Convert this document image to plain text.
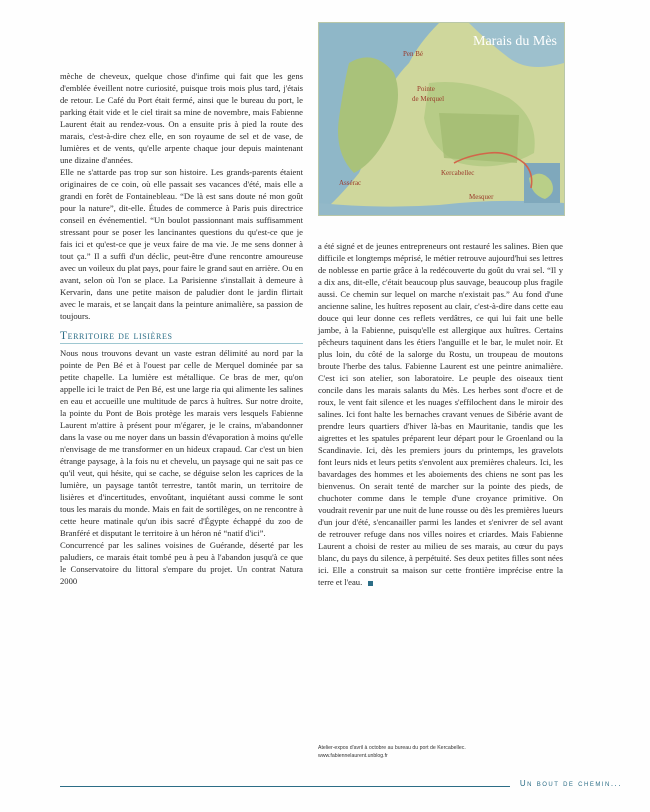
Marais du Mès
Pen Bé
Pointe
de Merquel
Kercabellec
Assérac
Mesquer

mèche de cheveux, quelque chose d'infime qui fait que les gens d'emblée éveillent notre curiosité, puisque trois mois plus tard, j'étais de retour. Le Café du Port était fermé, ainsi que le bureau du port, le parking était vide et le ciel tirait sa mine de novembre, mais Fabienne Laurent était au rendez-vous. On a ensuite pris à pied la route des marais, c'est-à-dire chez elle, en son royaume de sel et de vase, de lumières et de vents, qu'elle arpente chaque jour depuis maintenant une dizaine d'années.

Elle ne s'attarde pas trop sur son histoire. Les grands-parents étaient originaires de ce coin, où elle passait ses vacances d'été, mais elle a grandi en forêt de Fontainebleau. “De là est sans doute né mon goût pour la nature”, dit-elle. Études de commerce à Paris puis directrice conseil en événementiel. “Un boulot passionnant mais suffisamment stressant pour se poser les lancinantes questions du qu'est-ce que je fais ici et qu'est-ce que je veux faire de ma vie. Je me sens donner à tout ça.” Il a suffi d'un déclic, peut-être d'une rencontre amoureuse avec un voileux du plat pays, pour faire le grand saut en arrière. Ou en avant, selon où l'on se place. La Parisienne s'installait à demeure à Kervarin, dans une petite maison de paludier dont le jardin flirtait avec le marais, et se lançait dans la peinture animalière, sa passion de toujours.

Territoire de lisières

Nous nous trouvons devant un vaste estran délimité au nord par la pointe de Pen Bé et à l'ouest par celle de Merquel dominée par sa petite chapelle. La lumière est métallique. Ce bras de mer, qu'on appelle ici le traict de Pen Bé, est une large ria qui alimente les salines en eau et accueille une multitude de parcs à huîtres. Sur notre droite, la pointe du Pont de Bois protège les marais vers lesquels Fabienne Laurent m'attire à présent pour m'égarer, je le crains, m'abandonner dans la vase ou me noyer dans un bassin d'évaporation à moins qu'elle n'envisage de me transformer en un hideux crapaud. Car c'est un bien étrange paysage, à la fois nu et chevelu, un paysage qui ne sait pas ce qu'il veut, qui hésite, qui se cache, se déguise selon les caprices de la lumière, un paysage tantôt terrestre, tantôt marin, un territoire de lisières et d'incertitudes, envoûtant, inquiétant aussi comme le sont tous les marais du monde. Mais en fait de sortilèges, on ne rencontre à cette heure matinale qu'un ibis sacré d'Égypte échappé du zoo de Branféré et disputant le territoire à un héron né “natif d'ici”.

Concurrencé par les salines voisines de Guérande, déserté par les paludiers, ce marais était tombé peu à peu à l'abandon jusqu'à ce que le Conservatoire du littoral s'empare du projet. Un contrat Natura 2000

a été signé et de jeunes entrepreneurs ont restauré les salines. Bien que difficile et longtemps méprisé, le métier retrouve aujourd'hui ses lettres de noblesse en partie grâce à la redécouverte du goût du vrai sel. “Il y a dix ans, dit-elle, c'était beaucoup plus sauvage, beaucoup plus fragile aussi. Ce chemin sur lequel on marche n'existait pas.” Au fond d'une ancienne saline, les huîtres reposent au clair, c'est-à-dire dans cette eau douce qui leur donne ces reflets verdâtres, ce qui lui fait une belle jambe, à la Fabienne, puisqu'elle est allergique aux huîtres. Certains pêcheurs taquinent dans les étiers l'anguille et le bar, le mulet noir. Et plus loin, du côté de la salorge du Rostu, un troupeau de moutons broute l'herbe des talus. Fabienne Laurent est une peintre animalière. C'est ici son atelier, son laboratoire. Le peuple des oiseaux tient concile dans les marais salants du Mès. Les herbes sont d'ocre et de roux, le vent fait silence et les nuages s'effilochent dans le miroir des salines. Ici font halte les bernaches cravant venues de Sibérie avant de prendre leurs quartiers d'hiver là-bas en Mauritanie, tandis que les aigrettes et les spatules préparent leur départ pour le Groenland ou la Scandinavie. Ici, dès les premiers jours du printemps, les gravelots font leurs nids et leurs petits s'envolent aux premières chaleurs. Ici, les bavardages des hommes et les aboiements des chiens ne sont pas les bienvenus. On serait tenté de marcher sur la pointe des pieds, de chuchoter comme dans le temple d'une croyance primitive. On voudrait revenir par une nuit de lune rousse ou dès les premières lueurs d'un jour d'été, s'encanailler parmi les landes et s'enivrer de sel avant de retrouver refuge dans nos villes noires et criardes. Mais Fabienne Laurent a choisi de rester au milieu de ses marais, au cœur du pays blanc, du pays du silence, à perpétuité. Ses deux petites filles sont nées ici. Elle a construit sa maison sur cette frontière imprécise entre la terre et l'eau.

Atelier-expos d'avril à octobre au bureau du port de Kercabellec.
www.fabiennelaurent.unblog.fr
Un bout de chemin...
